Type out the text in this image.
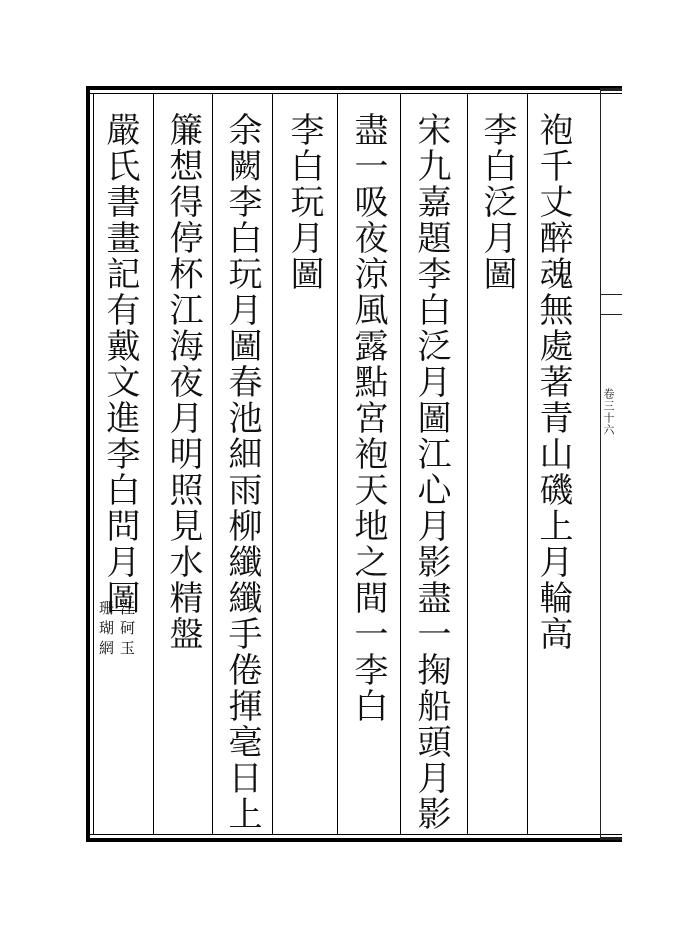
卷三十六
袍千丈醉魂無處著青山磯上月輪高
李白泛月圖
宋九嘉題李白泛月圖江心月影盡一掬船頭月影
盡一吸夜涼風露點宮袍天地之間一李白
李白玩月圖
余闕李白玩月圖春池細雨柳纖纖手倦揮毫日上
簾想得停杯江海夜月明照見水精盤
嚴氏書畫記有戴文進李白問月圖
汪砢玉
珊瑚網
